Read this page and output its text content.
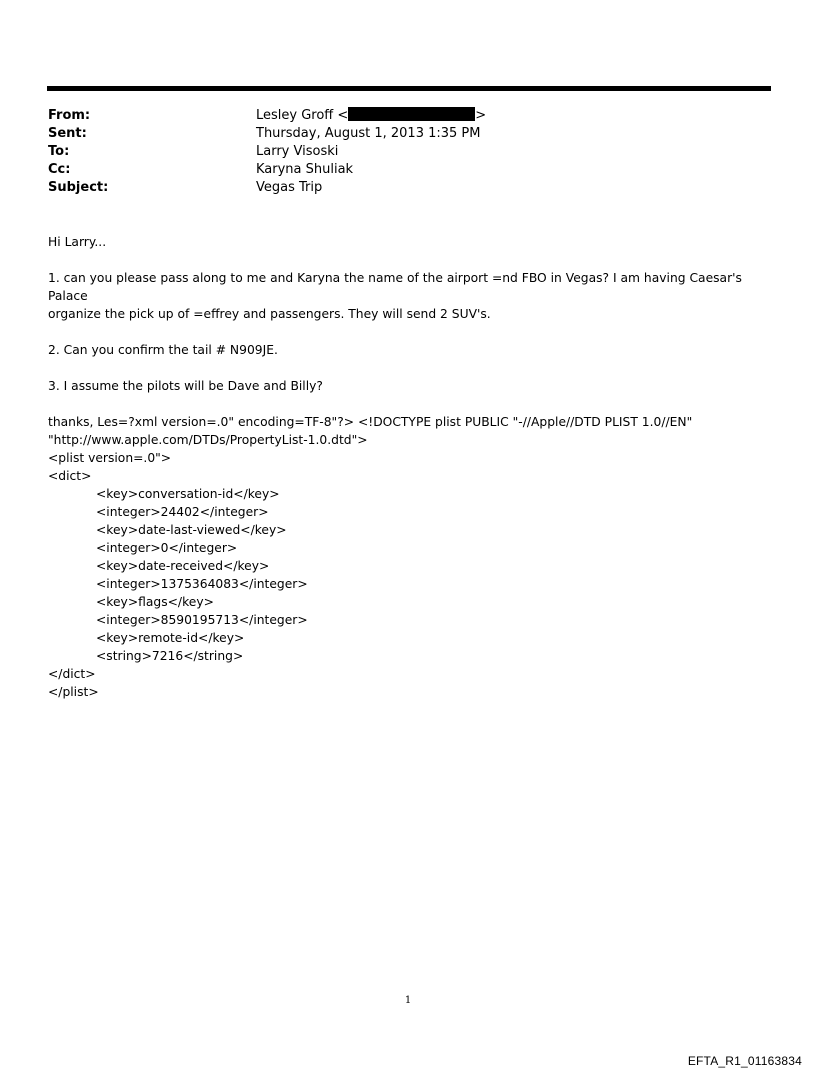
From:	Lesley Groff <	>
Sent:	Thursday, August 1, 2013 1:35 PM
To:	Larry Visoski
Cc:	Karyna Shuliak
Subject:	Vegas Trip

Hi Larry...

1. can you please pass along to me and Karyna the name of the airport =nd FBO in Vegas? I am having Caesar's Palace

organize the pick up of =effrey and passengers. They will send 2 SUV's.

2. Can you confirm the tail # N909JE.

3. I assume the pilots will be Dave and Billy?

thanks, Les=?xml version=.0" encoding=TF-8"?> <!DOCTYPE plist PUBLIC "-//Apple//DTD PLIST 1.0//EN"

"http://www.apple.com/DTDs/PropertyList-1.0.dtd">

<plist version=.0">
<dict>
<key>conversation-id</key>
<integer>24402</integer>
<key>date-last-viewed</key>
<integer>0</integer>
<key>date-received</key>
<integer>1375364083</integer>
<key>flags</key>
<integer>8590195713</integer>
<key>remote-id</key>
<string>7216</string>
</dict>
</plist>
1
EFTA_R1_01163834
